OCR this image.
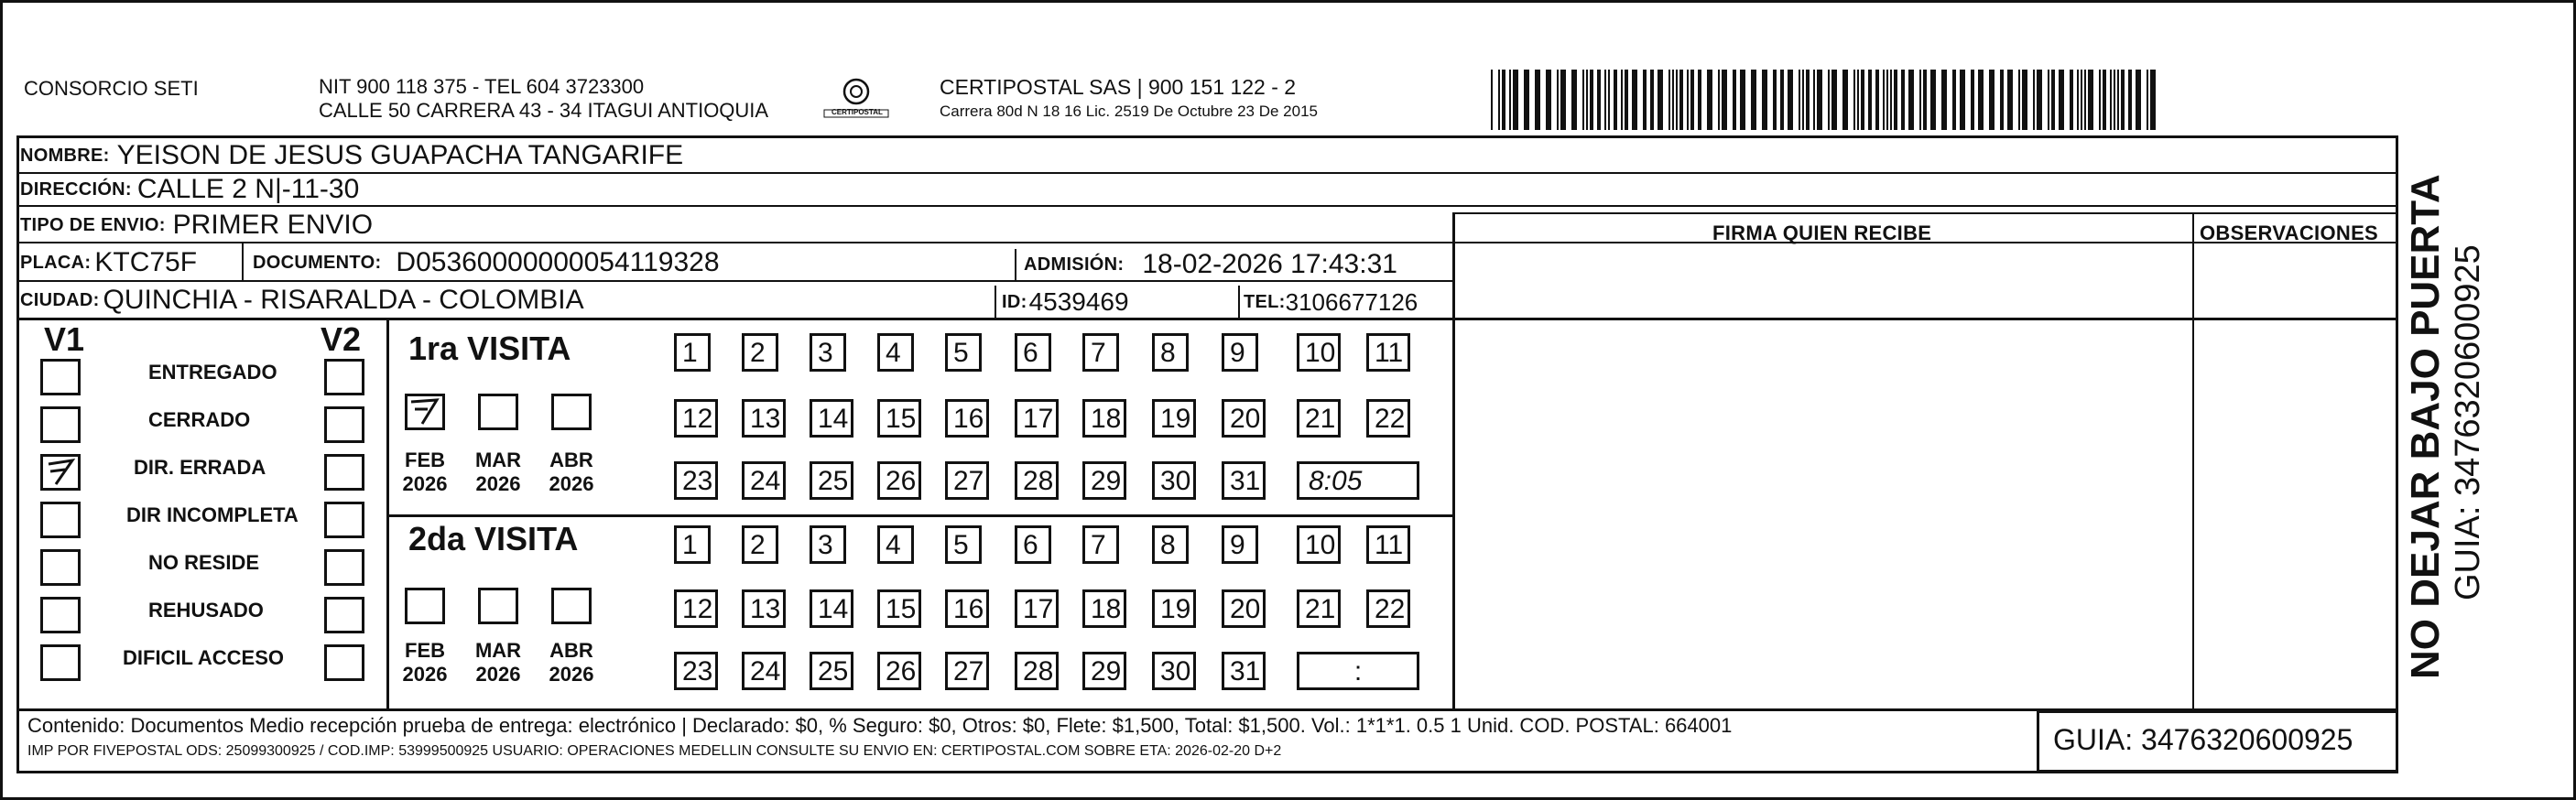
CONSORCIO SETI	NIT 900 118 375 - TEL 604 3723300
CALLE 50 CARRERA 43 - 34 ITAGUI ANTIOQUIA	CERTIPOSTAL
CERTIPOSTAL SAS | 900 151 122 - 2
Carrera 80d N 18 16 Lic. 2519 De Octubre 23 De 2015
NOMBRE: YEISON DE JESUS GUAPACHA TANGARIFE
DIRECCIÓN: CALLE 2 N|-11-30
TIPO DE ENVIO: PRIMER ENVIO
PLACA: KTC75F	DOCUMENTO: D05360000000054119328	ADMISIÓN: 18-02-2026 17:43:31
CIUDAD: QUINCHIA - RISARALDA - COLOMBIA	ID: 4539469	TEL: 3106677126
FIRMA QUIEN RECIBE	OBSERVACIONES
V1	V2
ENTREGADO
CERRADO
DIR. ERRADA
DIR INCOMPLETA
NO RESIDE
REHUSADO
DIFICIL ACCESO
1ra VISITA
2da VISITA
1	2	3	4	5	6	7	8	9	10	11
12	13	14	15	16	17	18	19	20	21	22
23	24	25	26	27	28	29	30	31	8:05
FEB
2026
MAR
2026
ABR
2026
1	2	3	4	5	6	7	8	9	10	11
12	13	14	15	16	17	18	19	20	21	22
23	24	25	26	27	28	29	30	31	:
FEB
2026
MAR
2026
ABR
2026
Contenido: Documentos Medio recepción prueba de entrega: electrónico | Declarado: $0, % Seguro: $0, Otros: $0, Flete: $1,500, Total: $1,500. Vol.: 1*1*1. 0.5 1 Unid. COD. POSTAL: 664001
IMP POR FIVEPOSTAL ODS: 25099300925 / COD.IMP: 53999500925 USUARIO: OPERACIONES MEDELLIN CONSULTE SU ENVIO EN: CERTIPOSTAL.COM SOBRE ETA: 2026-02-20 D+2	GUIA: 3476320600925
NO DEJAR BAJO PUERTA GUIA: 3476320600925
